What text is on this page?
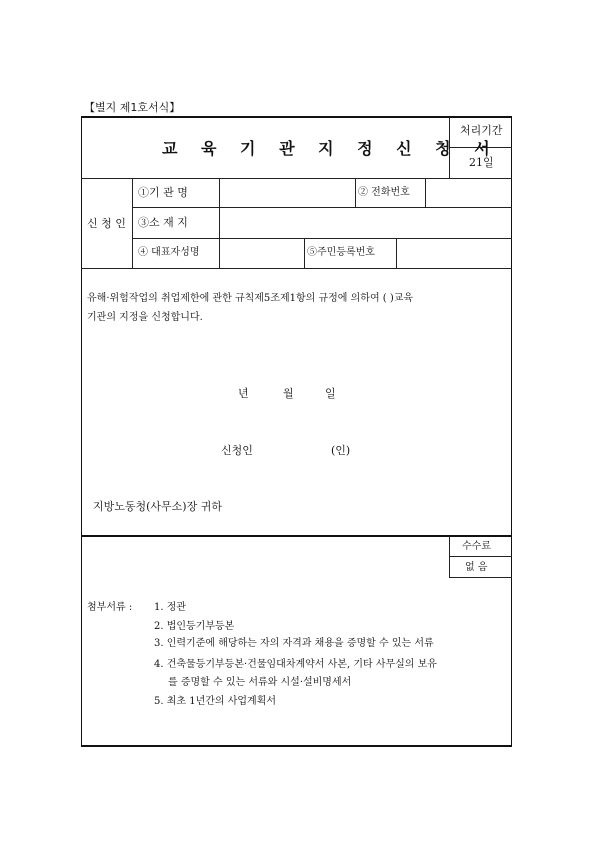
【별지 제1호서식】
교 육 기 관 지 정 신 청 서
처리기간
21일
신 청 인
①기 관 명	② 전화번호
③소 재 지
④ 대표자성명	⑤주민등록번호
유해·위험작업의 취업제한에 관한 규칙제5조제1항의 규정에 의하여 ( )교육
기관의 지정을 신청합니다.
년	월	일
신청인	(인)
지방노동청(사무소)장 귀하
수수료
없 음
첨부서류 : 1. 정관
2. 법인등기부등본
3. 인력기준에 해당하는 자의 자격과 채용을 증명할 수 있는 서류
4. 건축물등기부등본·건물임대차계약서 사본, 기타 사무실의 보유
를 증명할 수 있는 서류와 시설·설비명세서
5. 최초 1년간의 사업계획서
